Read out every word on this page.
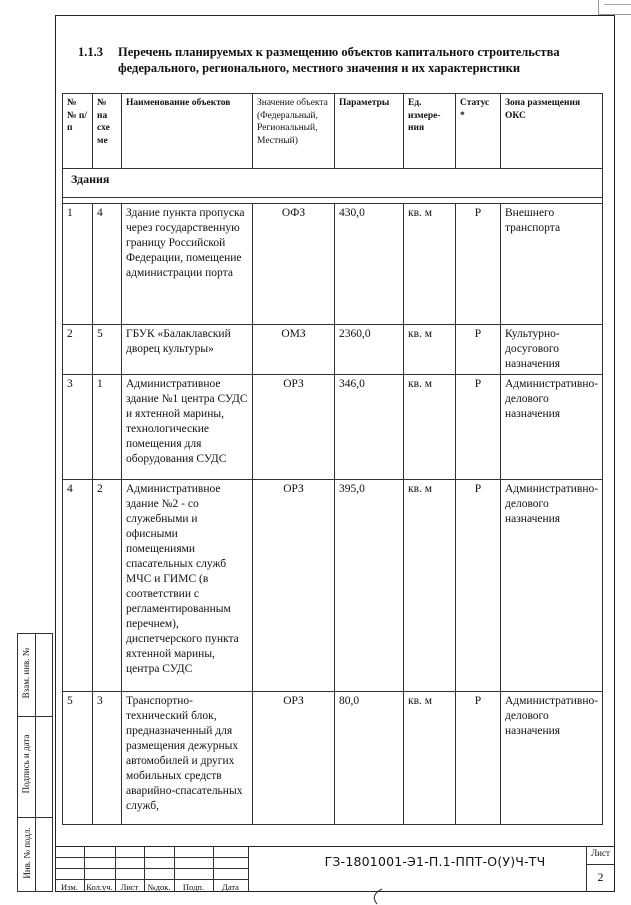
1.1.3 Перечень планируемых к размещению объектов капитального строительства федерального, регионального, местного значения и их характеристики
№ № п/п	№ на схе ме	Наименование объектов	Значение объекта (Федеральный, Региональный, Местный)	Параметры	Ед. измере- ния	Статус *	Зона размещения ОКС
Здания							

1	4	Здание пункта пропуска через государственную границу Российской Федерации, помещение администрации порта	ОФЗ	430,0	кв. м	Р	Внешнего транспорта
2	5	ГБУК «Балаклавский дворец культуры»	ОМЗ	2360,0	кв. м	Р	Культурно-досугового назначения
3	1	Административное здание №1 центра СУДС и яхтенной марины, технологические помещения для оборудования СУДС	ОРЗ	346,0	кв. м	Р	Административно-делового назначения
4	2	Административное здание №2 - со служебными и офисными помещениями спасательных служб МЧС и ГИМС (в соответствии с регламентированным перечнем), диспетчерского пункта яхтенной марины, центра СУДС	ОРЗ	395,0	кв. м	Р	Административно-делового назначения
5	3	Транспортно-технический блок, предназначенный для размещения дежурных автомобилей и других мобильных средств аварийно-спасательных служб,	ОРЗ	80,0	кв. м	Р	Административно-делового назначения
Взам. инв. №
Подпись и дата
Инв. № подл.
Изм. Кол.уч. Лист	№док.	Подп.	Дата
ГЗ-1801001-Э1-П.1-ППТ-О(У)Ч-ТЧ
Лист
2
